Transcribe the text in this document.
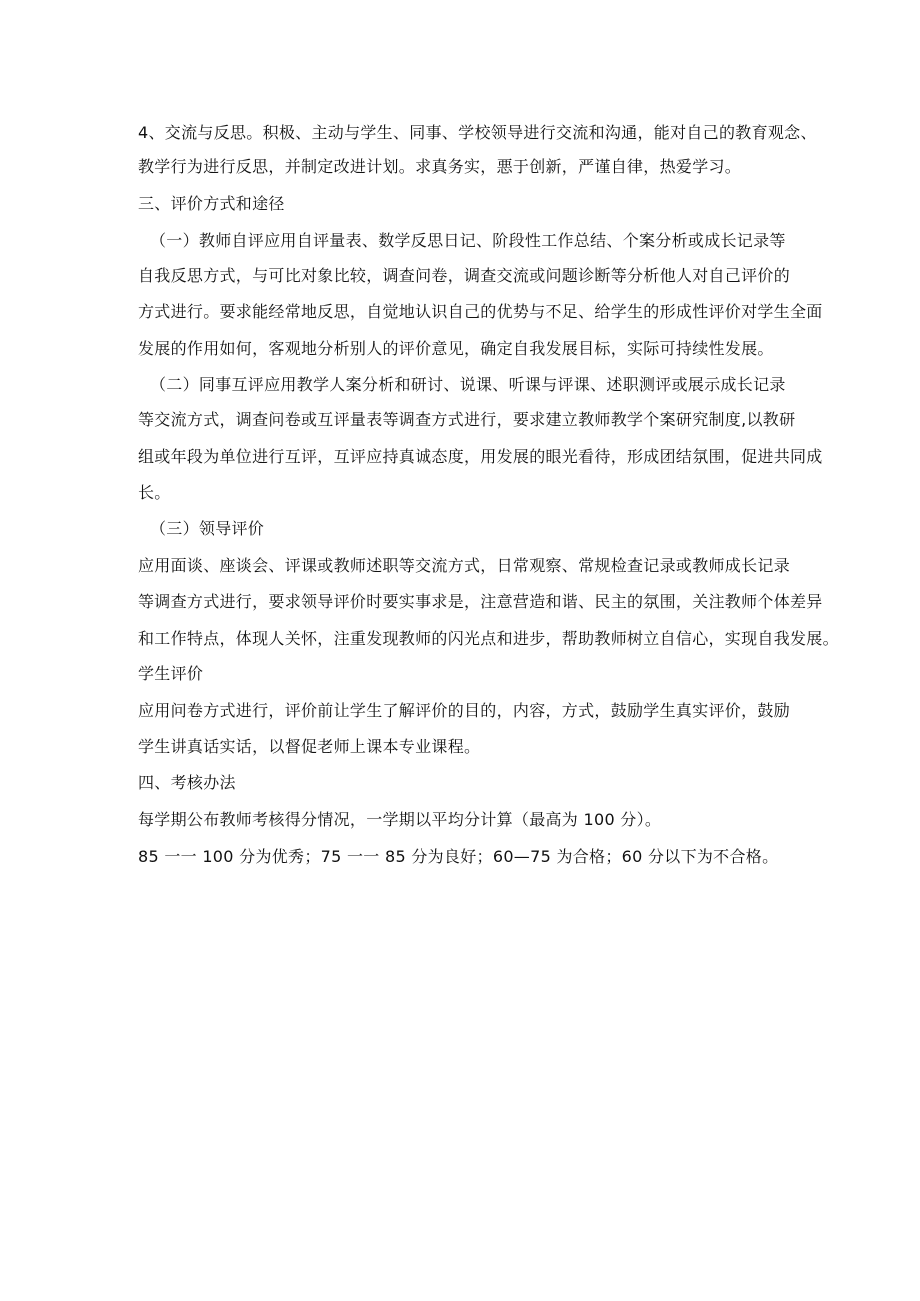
4、交流与反思。积极、主动与学生、同事、学校领导进行交流和沟通，能对自己的教育观念、
教学行为进行反思，并制定改进计划。求真务实，悪于创新，严谨自律，热爱学习。
三、评价方式和途径
（一）教师自评应用自评量表、数学反思日记、阶段性工作总结、个案分析或成长记录等
自我反思方式，与可比对象比较，调查问卷，调查交流或问题诊断等分析他人对自己评价的
方式进行。要求能经常地反思，自觉地认识自己的优势与不足、给学生的形成性评价对学生全面
发展的作用如何，客观地分析别人的评价意见，确定自我发展目标，实际可持续性发展。
（二）同事互评应用教学人案分析和研讨、说课、听课与评课、述职测评或展示成长记录
等交流方式，调查问卷或互评量表等调查方式进行，要求建立教师教学个案研究制度,以教研
组或年段为单位进行互评，互评应持真诚态度，用发展的眼光看待，形成团结氛围，促进共同成
长。
（三）领导评价
应用面谈、座谈会、评课或教师述职等交流方式，日常观察、常规检查记录或教师成长记录
等调查方式进行，要求领导评价时要实事求是，注意营造和谐、民主的氛围，关注教师个体差异
和工作特点，体现人关怀，注重发现教师的闪光点和进步，帮助教师树立自信心，实现自我发展。
学生评价
应用问卷方式进行，评价前让学生了解评价的目的，内容，方式，鼓励学生真实评价，鼓励
学生讲真话实话，以督促老师上课本专业课程。
四、考核办法
每学期公布教师考核得分情况，一学期以平均分计算（最高为 100 分）。
85 一一 100 分为优秀；75 一一 85 分为良好；60—75 为合格；60 分以下为不合格。
